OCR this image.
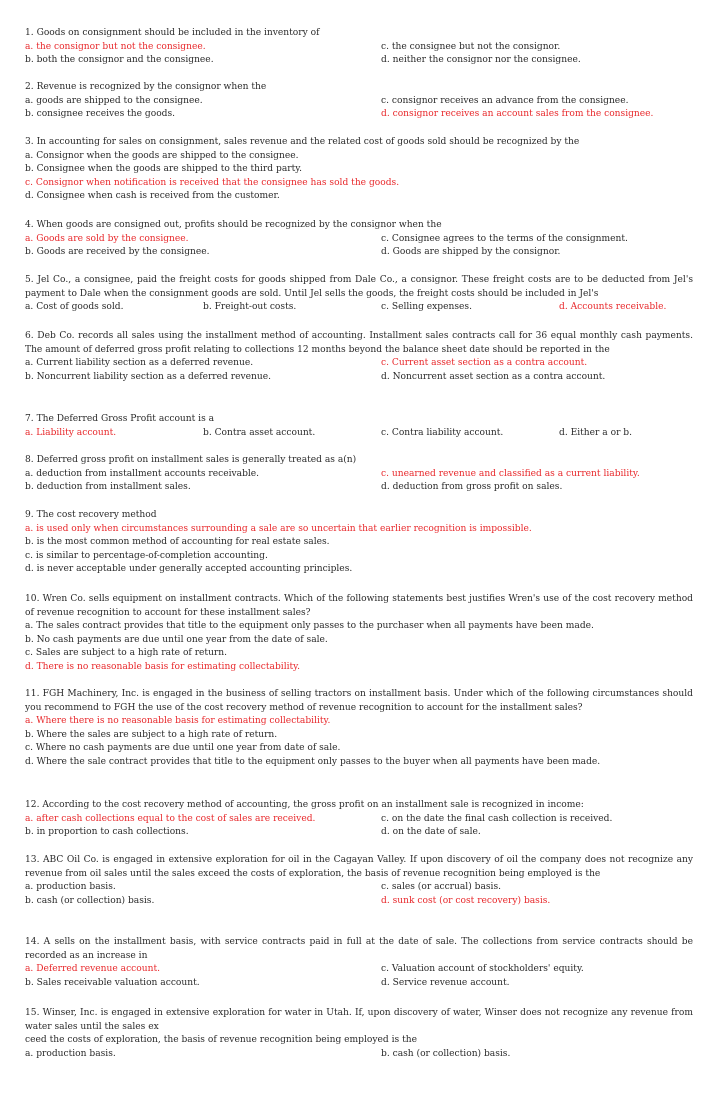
1. Goods on consignment should be included in the inventory of
a. the consignor but not the consignee.	c. the consignee but not the consignor.
b. both the consignor and the consignee.	d. neither the consignor nor the consignee.
2. Revenue is recognized by the consignor when the
a. goods are shipped to the consignee.	c. consignor receives an advance from the consignee.
b. consignee receives the goods.	d. consignor receives an account sales from the consignee.
3. In accounting for sales on consignment, sales revenue and the related cost of goods sold should be recognized by the
a. Consignor when the goods are shipped to the consignee.
b. Consignee when the goods are shipped to the third party.
c. Consignor when notification is received that the consignee has sold the goods.
d. Consignee when cash is received from the customer.
4. When goods are consigned out, profits should be recognized by the consignor when the
a. Goods are sold by the consignee.	c. Consignee agrees to the terms of the consignment.
b. Goods are received by the consignee.	d. Goods are shipped by the consignor.
5. Jel Co., a consignee, paid the freight costs for goods shipped from Dale Co., a consignor. These freight costs are to be deducted from Jel's payment to Dale when the consignment goods are sold. Until Jel sells the goods, the freight costs should be included in Jel's
a. Cost of goods sold.	b. Freight-out costs.	c. Selling expenses.	d. Accounts receivable.
6. Deb Co. records all sales using the installment method of accounting. Installment sales contracts call for 36 equal monthly cash payments. The amount of deferred gross profit relating to collections 12 months beyond the balance sheet date should be reported in the
a. Current liability section as a deferred revenue.	c. Current asset section as a contra account.
b. Noncurrent liability section as a deferred revenue.	d. Noncurrent asset section as a contra account.
7. The Deferred Gross Profit account is a
a. Liability account.	b. Contra asset account.	c. Contra liability account.	d. Either a or b.
8. Deferred gross profit on installment sales is generally treated as a(n)
a. deduction from installment accounts receivable.	c. unearned revenue and classified as a current liability.
b. deduction from installment sales.	d. deduction from gross profit on sales.
9. The cost recovery method
a. is used only when circumstances surrounding a sale are so uncertain that earlier recognition is impossible.
b. is the most common method of accounting for real estate sales.
c. is similar to percentage-of-completion accounting.
d. is never acceptable under generally accepted accounting principles.
10. Wren Co. sells equipment on installment contracts. Which of the following statements best justifies Wren's use of the cost recovery method of revenue recognition to account for these installment sales?
a. The sales contract provides that title to the equipment only passes to the purchaser when all payments have been made.
b. No cash payments are due until one year from the date of sale.
c. Sales are subject to a high rate of return.
d. There is no reasonable basis for estimating collectability.
11. FGH Machinery, Inc. is engaged in the business of selling tractors on installment basis. Under which of the following circumstances should you recommend to FGH the use of the cost recovery method of revenue recognition to account for the installment sales?
a. Where there is no reasonable basis for estimating collectability.
b. Where the sales are subject to a high rate of return.
c. Where no cash payments are due until one year from date of sale.
d. Where the sale contract provides that title to the equipment only passes to the buyer when all payments have been made.
12. According to the cost recovery method of accounting, the gross profit on an installment sale is recognized in income:
a. after cash collections equal to the cost of sales are received.	c. on the date the final cash collection is received.
b. in proportion to cash collections.	d. on the date of sale.
13. ABC Oil Co. is engaged in extensive exploration for oil in the Cagayan Valley. If upon discovery of oil the company does not recognize any revenue from oil sales until the sales exceed the costs of exploration, the basis of revenue recognition being employed is the
a. production basis.	c. sales (or accrual) basis.
b. cash (or collection) basis.	d. sunk cost (or cost recovery) basis.
14. A sells on the installment basis, with service contracts paid in full at the date of sale. The collections from service contracts should be recorded as an increase in
a. Deferred revenue account.	c. Valuation account of stockholders' equity.
b. Sales receivable valuation account.	d. Service revenue account.
15. Winser, Inc. is engaged in extensive exploration for water in Utah. If, upon discovery of water, Winser does not recognize any revenue from water sales until the sales ex
ceed the costs of exploration, the basis of revenue recognition being employed is the
a. production basis.	b. cash (or collection) basis.
